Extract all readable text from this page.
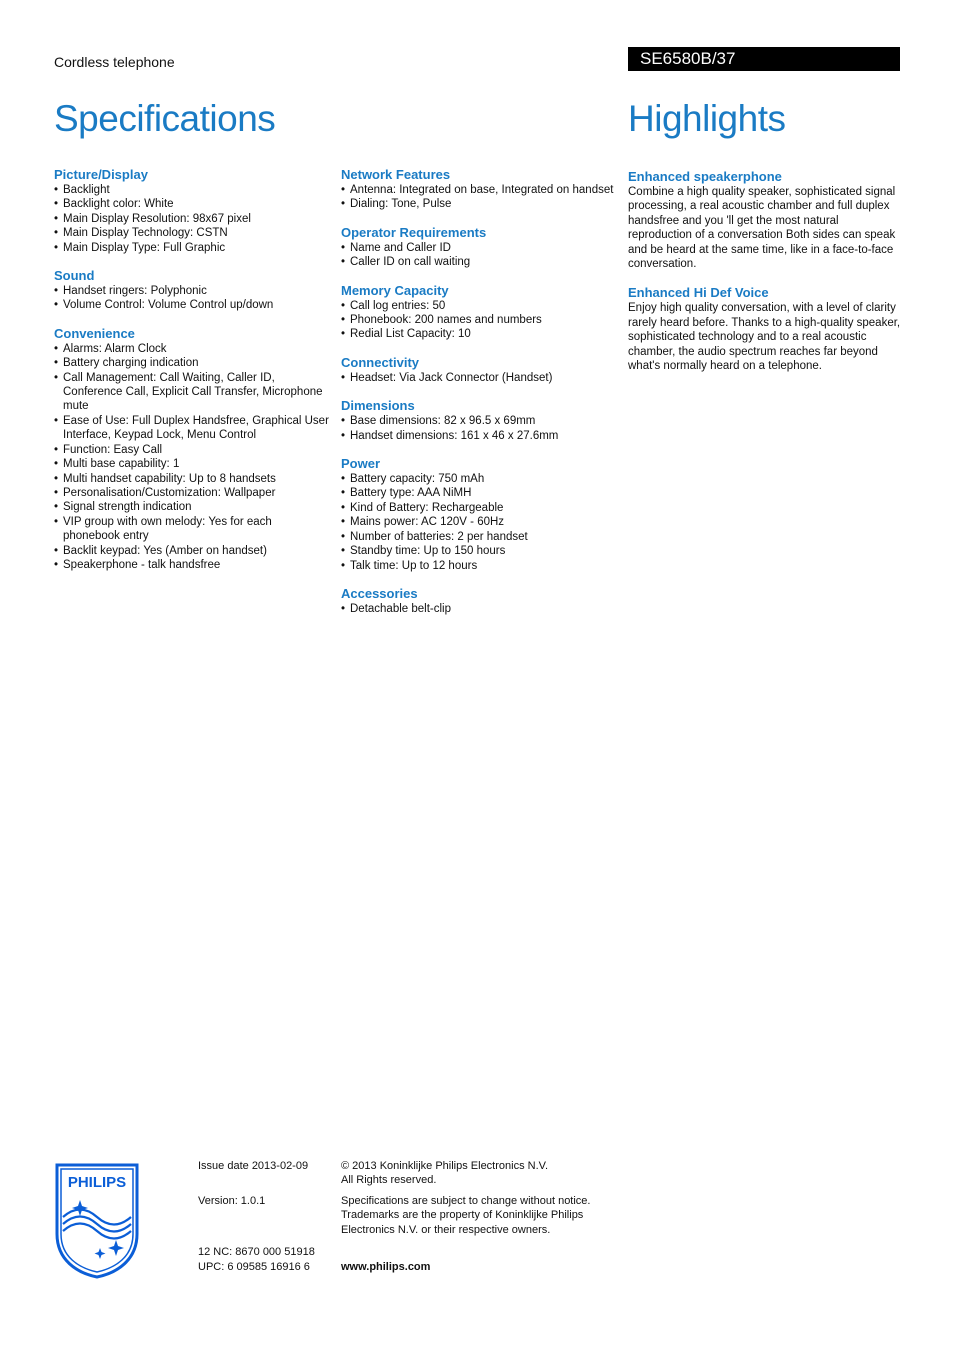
Cordless telephone	SE6580B/37
Specifications	Highlights
Picture/Display
• Backlight
• Backlight color: White
• Main Display Resolution: 98x67 pixel
• Main Display Technology: CSTN
• Main Display Type: Full Graphic
Sound
• Handset ringers: Polyphonic
• Volume Control: Volume Control up/down
Convenience
• Alarms: Alarm Clock
• Battery charging indication
• Call Management: Call Waiting, Caller ID, Conference Call, Explicit Call Transfer, Microphone mute
• Ease of Use: Full Duplex Handsfree, Graphical User Interface, Keypad Lock, Menu Control
• Function: Easy Call
• Multi base capability: 1
• Multi handset capability: Up to 8 handsets
• Personalisation/Customization: Wallpaper
• Signal strength indication
• VIP group with own melody: Yes for each phonebook entry
• Backlit keypad: Yes (Amber on handset)
• Speakerphone - talk handsfree
Network Features
• Antenna: Integrated on base, Integrated on handset
• Dialing: Tone, Pulse
Operator Requirements
• Name and Caller ID
• Caller ID on call waiting
Memory Capacity
• Call log entries: 50
• Phonebook: 200 names and numbers
• Redial List Capacity: 10
Connectivity
• Headset: Via Jack Connector (Handset)
Dimensions
• Base dimensions: 82 x 96.5 x 69mm
• Handset dimensions: 161 x 46 x 27.6mm
Power
• Battery capacity: 750 mAh
• Battery type: AAA NiMH
• Kind of Battery: Rechargeable
• Mains power: AC 120V - 60Hz
• Number of batteries: 2 per handset
• Standby time: Up to 150 hours
• Talk time: Up to 12 hours
Accessories
• Detachable belt-clip
Enhanced speakerphone

Combine a high quality speaker, sophisticated signal processing, a real acoustic chamber and full duplex handsfree and you 'll get the most natural reproduction of a conversation Both sides can speak and be heard at the same time, like in a face-to-face conversation.

Enhanced Hi Def Voice

Enjoy high quality conversation, with a level of clarity rarely heard before. Thanks to a high-quality speaker, sophisticated technology and to a real acoustic chamber, the audio spectrum reaches far beyond what's normally heard on a telephone.

PHILIPS
Issue date 2013-02-09
Version: 1.0.1
12 NC: 8670 000 51918
UPC: 6 09585 16916 6
© 2013 Koninklijke Philips Electronics N.V.
All Rights reserved.
Specifications are subject to change without notice.
Trademarks are the property of Koninklijke Philips
Electronics N.V. or their respective owners.
www.philips.com
